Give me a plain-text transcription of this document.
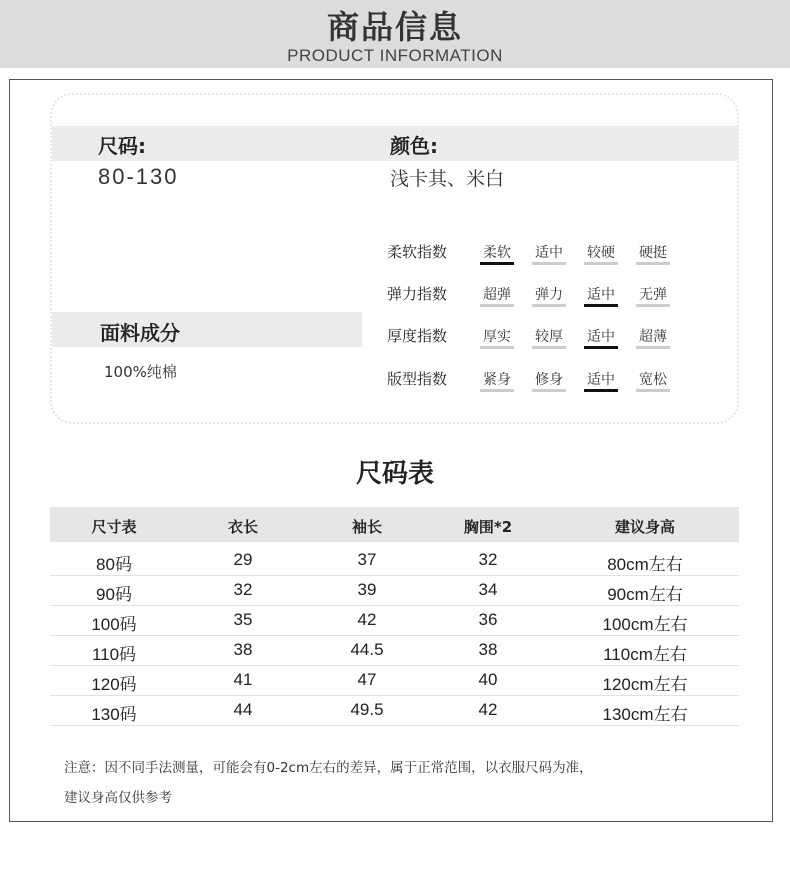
商品信息
PRODUCT INFORMATION
尺码:
80-130
颜色:
浅卡其、米白
面料成分
100%纯棉
柔软指数	柔软	适中	较硬	硬挺
弹力指数	超弹	弹力	适中	无弹
厚度指数	厚实	较厚	适中	超薄
版型指数	紧身	修身	适中	宽松
尺码表
尺寸表	衣长	袖长	胸围*2	建议身高
80码	29	37	32	80cm左右
90码	32	39	34	90cm左右
100码	35	42	36	100cm左右
110码	38	44.5	38	110cm左右
120码	41	47	40	120cm左右
130码	44	49.5	42	130cm左右
注意：因不同手法测量，可能会有0-2cm左右的差异，属于正常范围，以衣服尺码为准，
建议身高仅供参考
